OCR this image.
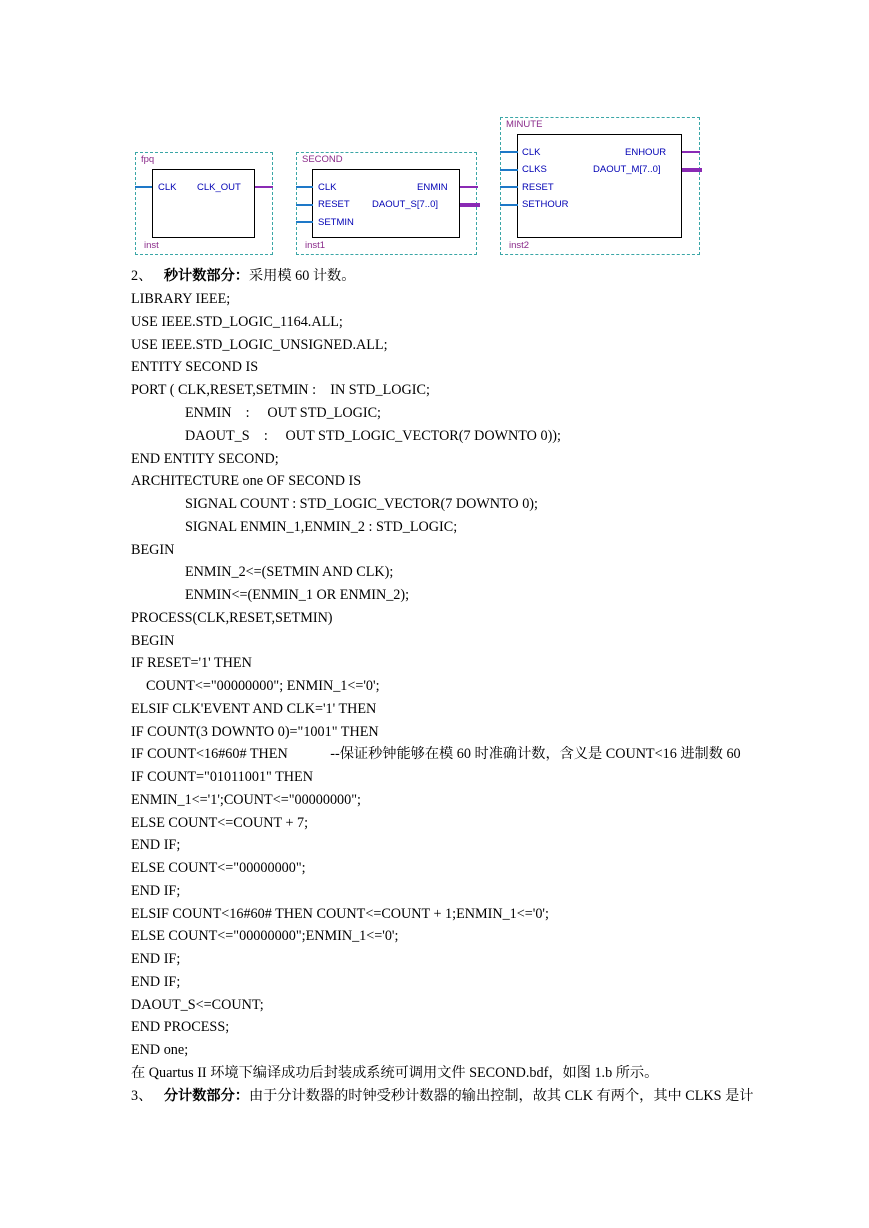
fpq
inst
CLK CLK_OUT
SECOND
inst1
CLK
RESET
SETMIN
ENMIN
DAOUT_S[7..0]
MINUTE
inst2
CLK
CLKS
RESET
SETHOUR
ENHOUR
DAOUT_M[7..0]
2、 秒计数部分：采用模 60 计数。
LIBRARY IEEE;
USE IEEE.STD_LOGIC_1164.ALL;
USE IEEE.STD_LOGIC_UNSIGNED.ALL;
ENTITY SECOND IS
PORT ( CLK,RESET,SETMIN :    IN STD_LOGIC;
ENMIN    :     OUT STD_LOGIC;
DAOUT_S    :     OUT STD_LOGIC_VECTOR(7 DOWNTO 0));
END ENTITY SECOND;
ARCHITECTURE one OF SECOND IS
SIGNAL COUNT : STD_LOGIC_VECTOR(7 DOWNTO 0);
SIGNAL ENMIN_1,ENMIN_2 : STD_LOGIC;
BEGIN
ENMIN_2<=(SETMIN AND CLK);
ENMIN<=(ENMIN_1 OR ENMIN_2);
PROCESS(CLK,RESET,SETMIN)
BEGIN
IF RESET='1' THEN
COUNT<="00000000"; ENMIN_1<='0';
ELSIF CLK'EVENT AND CLK='1' THEN
IF COUNT(3 DOWNTO 0)="1001" THEN
IF COUNT<16#60# THEN            --保证秒钟能够在模 60 时准确计数，含义是 COUNT<16 进制数 60
IF COUNT="01011001" THEN
ENMIN_1<='1';COUNT<="00000000";
ELSE COUNT<=COUNT + 7;
END IF;
ELSE COUNT<="00000000";
END IF;
ELSIF COUNT<16#60# THEN COUNT<=COUNT + 1;ENMIN_1<='0';
ELSE COUNT<="00000000";ENMIN_1<='0';
END IF;
END IF;
DAOUT_S<=COUNT;
END PROCESS;
END one;
在 Quartus II 环境下编译成功后封装成系统可调用文件 SECOND.bdf，如图 1.b 所示。
3、 分计数部分：由于分计数器的时钟受秒计数器的输出控制，故其 CLK 有两个，其中 CLKS 是计
